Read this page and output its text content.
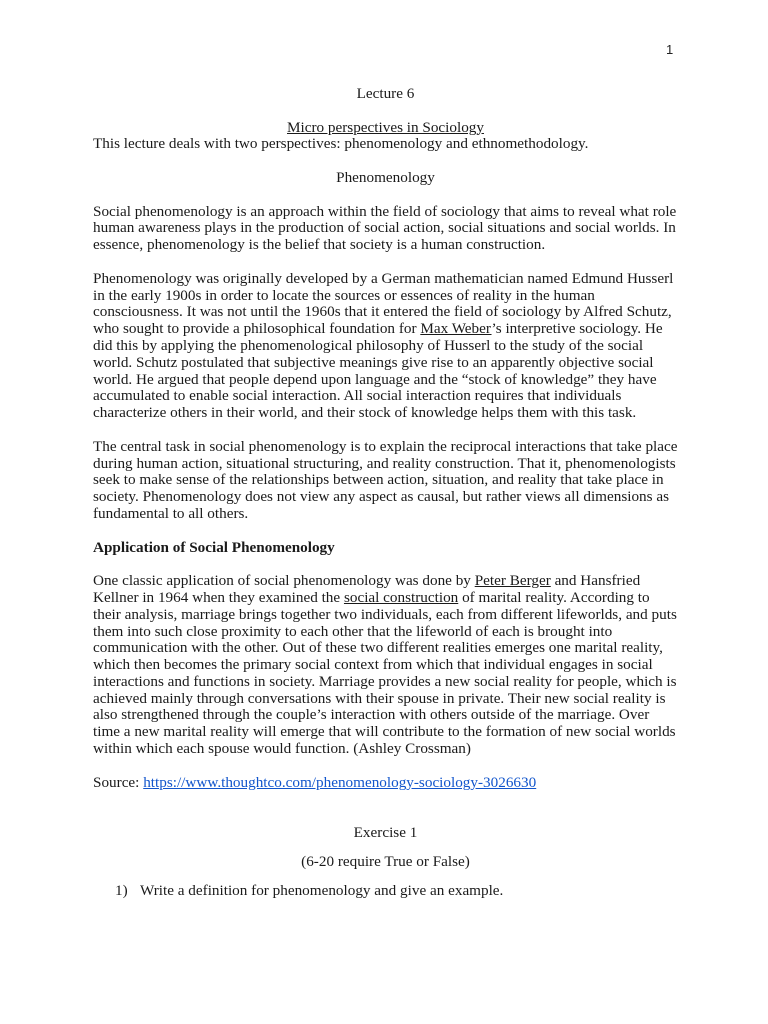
1

Lecture 6

Micro perspectives in Sociology

This lecture deals with two perspectives: phenomenology and ethnomethodology.

Phenomenology

Social phenomenology is an approach within the field of sociology that aims to reveal what role human awareness plays in the production of social action, social situations and social worlds. In essence, phenomenology is the belief that society is a human construction.

Phenomenology was originally developed by a German mathematician named Edmund Husserl in the early 1900s in order to locate the sources or essences of reality in the human consciousness. It was not until the 1960s that it entered the field of sociology by Alfred Schutz, who sought to provide a philosophical foundation for Max Weber’s interpretive sociology. He did this by applying the phenomenological philosophy of Husserl to the study of the social world. Schutz postulated that subjective meanings give rise to an apparently objective social world. He argued that people depend upon language and the “stock of knowledge” they have accumulated to enable social interaction. All social interaction requires that individuals characterize others in their world, and their stock of knowledge helps them with this task.

The central task in social phenomenology is to explain the reciprocal interactions that take place during human action, situational structuring, and reality construction. That it, phenomenologists seek to make sense of the relationships between action, situation, and reality that take place in society. Phenomenology does not view any aspect as causal, but rather views all dimensions as fundamental to all others.

Application of Social Phenomenology

One classic application of social phenomenology was done by Peter Berger and Hansfried Kellner in 1964 when they examined the social construction of marital reality. According to their analysis, marriage brings together two individuals, each from different lifeworlds, and puts them into such close proximity to each other that the lifeworld of each is brought into communication with the other. Out of these two different realities emerges one marital reality, which then becomes the primary social context from which that individual engages in social interactions and functions in society. Marriage provides a new social reality for people, which is achieved mainly through conversations with their spouse in private. Their new social reality is also strengthened through the couple’s interaction with others outside of the marriage. Over time a new marital reality will emerge that will contribute to the formation of new social worlds within which each spouse would function. (Ashley Crossman)

Source: https://www.thoughtco.com/phenomenology-sociology-3026630

Exercise 1

(6-20 require True or False)

1) Write a definition for phenomenology and give an example.
